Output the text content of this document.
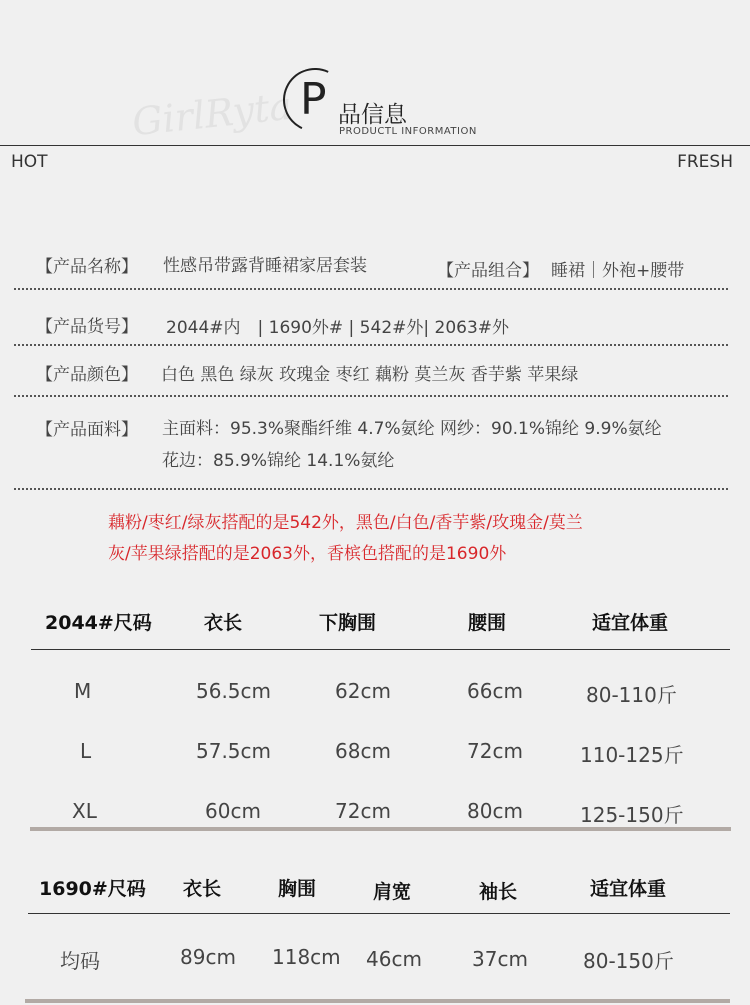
GirlRyta P 品信息
PRODUCTL INFORMATION
HOT	FRESH
【产品名称】 性感吊带露背睡裙家居套装	【产品组合】 睡裙｜外袍+腰带
【产品货号】 2044#内　| 1690外# | 542#外| 2063#外
【产品颜色】 白色 黑色 绿灰 玫瑰金 枣红 藕粉 莫兰灰 香芋紫 苹果绿
【产品面料】 主面料：95.3%聚酯纤维 4.7%氨纶 网纱：90.1%锦纶 9.9%氨纶
花边：85.9%锦纶 14.1%氨纶
藕粉/枣红/绿灰搭配的是542外，黑色/白色/香芋紫/玫瑰金/莫兰
灰/苹果绿搭配的是2063外，香槟色搭配的是1690外
2044#尺码	衣长	下胸围	腰围	适宜体重
M	56.5cm	62cm	66cm	80-110斤
L	57.5cm	68cm	72cm	110-125斤
XL	60cm	72cm	80cm	125-150斤
1690#尺码 衣长	胸围	肩宽	袖长	适宜体重
均码	89cm 118cm 46cm	37cm	80-150斤
